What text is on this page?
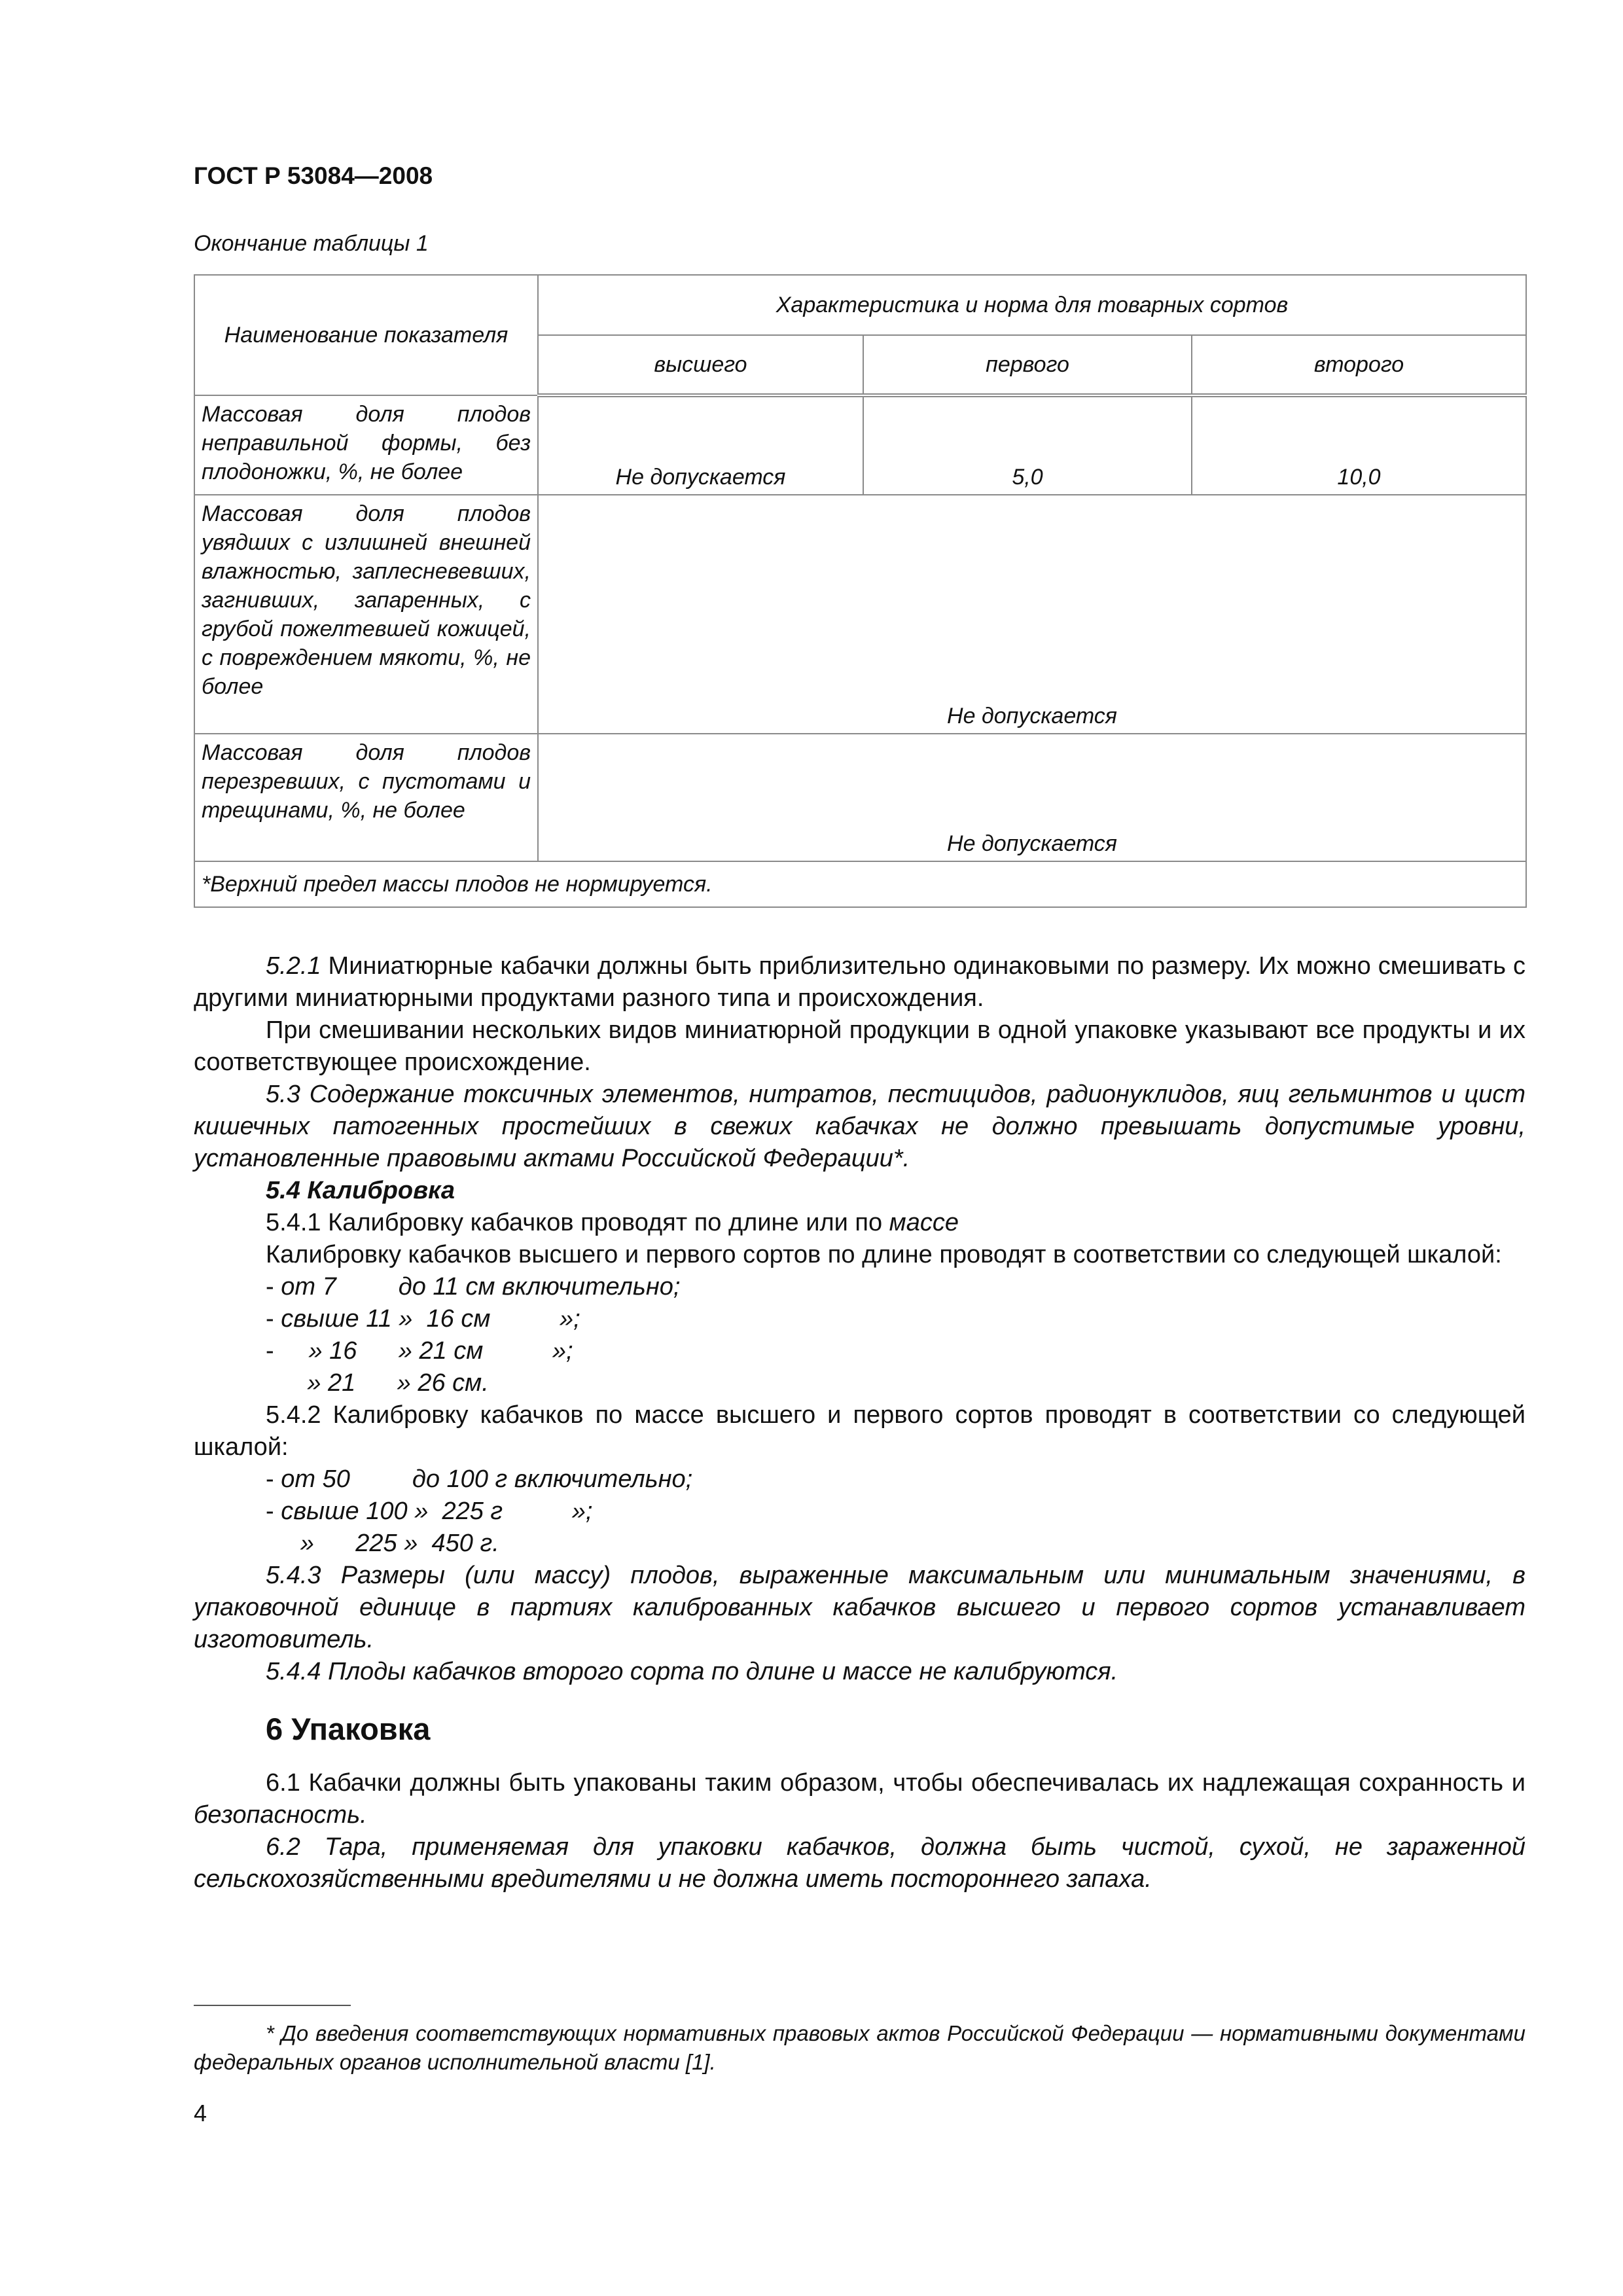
ГОСТ Р 53084—2008
Окончание таблицы 1
Наименование показателя	Характеристика и норма для товарных сортов		
	высшего	первого	второго
Массовая доля плодов неправильной формы, без плодоножки, %, не более	Не допускается	5,0	10,0
Массовая доля плодов увядших с излишней внешней влажностью, заплесневевших, загнивших, запаренных, с грубой пожелтевшей кожицей, с повреждением мякоти, %, не более	Не допускается		
Массовая доля плодов перезревших, с пустотами и трещинами, %, не более	Не допускается		
*Верхний предел массы плодов не нормируется.			

5.2.1 Миниатюрные кабачки должны быть приблизительно одинаковыми по размеру. Их можно смешивать с другими миниатюрными продуктами разного типа и происхождения.

При смешивании нескольких видов миниатюрной продукции в одной упаковке указывают все продукты и их соответствующее происхождение.

5.3 Содержание токсичных элементов, нитратов, пестицидов, радионуклидов, яиц гельминтов и цист кишечных патогенных простейших в свежих кабачках не должно превышать допустимые уровни, установленные правовыми актами Российской Федерации*.

5.4 Калибровка

5.4.1 Калибровку кабачков проводят по длине или по массе

Калибровку кабачков высшего и первого сортов по длине проводят в соответствии со следующей шкалой:

- от 7         до 11 см включительно;
- свыше 11 »  16 см          »;
-     » 16      » 21 см          »;
» 21      » 26 см.

5.4.2 Калибровку кабачков по массе высшего и первого сортов проводят в соответствии со следующей шкалой:

- от 50         до 100 г включительно;
- свыше 100 »  225 г          »;
»      225 »  450 г.

5.4.3 Размеры (или массу) плодов, выраженные максимальным или минимальным значениями, в упаковочной единице в партиях калиброванных кабачков высшего и первого сортов устанавливает изготовитель.

5.4.4 Плоды кабачков второго сорта по длине и массе не калибруются.

6 Упаковка

6.1 Кабачки должны быть упакованы таким образом, чтобы обеспечивалась их надлежащая сохранность и безопасность.

6.2 Тара, применяемая для упаковки кабачков, должна быть чистой, сухой, не зараженной сельскохозяйственными вредителями и не должна иметь постороннего запаха.

* До введения соответствующих нормативных правовых актов Российской Федерации — нормативными документами федеральных органов исполнительной власти [1].
4
